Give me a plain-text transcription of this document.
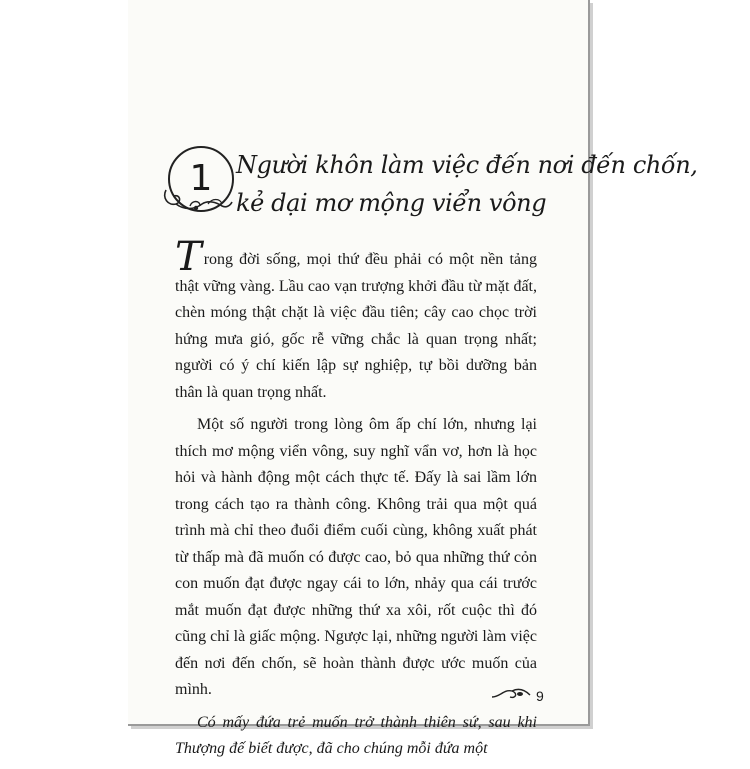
1 Người khôn làm việc đến nơi đến chốn,
kẻ dại mơ mộng viển vông

Trong đời sống, mọi thứ đều phải có một nền tảng thật vững vàng. Lầu cao vạn trượng khởi đầu từ mặt đất, chèn móng thật chặt là việc đầu tiên; cây cao chọc trời hứng mưa gió, gốc rễ vững chắc là quan trọng nhất; người có ý chí kiến lập sự nghiệp, tự bồi dưỡng bản thân là quan trọng nhất.

Một số người trong lòng ôm ấp chí lớn, nhưng lại thích mơ mộng viển vông, suy nghĩ vẩn vơ, hơn là học hỏi và hành động một cách thực tế. Đấy là sai lầm lớn trong cách tạo ra thành công. Không trải qua một quá trình mà chỉ theo đuổi điểm cuối cùng, không xuất phát từ thấp mà đã muốn có được cao, bỏ qua những thứ cỏn con muốn đạt được ngay cái to lớn, nhảy qua cái trước mắt muốn đạt được những thứ xa xôi, rốt cuộc thì đó cũng chỉ là giấc mộng. Ngược lại, những người làm việc đến nơi đến chốn, sẽ hoàn thành được ước muốn của mình.

Có mấy đứa trẻ muốn trở thành thiên sứ, sau khi Thượng đế biết được, đã cho chúng mỗi đứa một

9
